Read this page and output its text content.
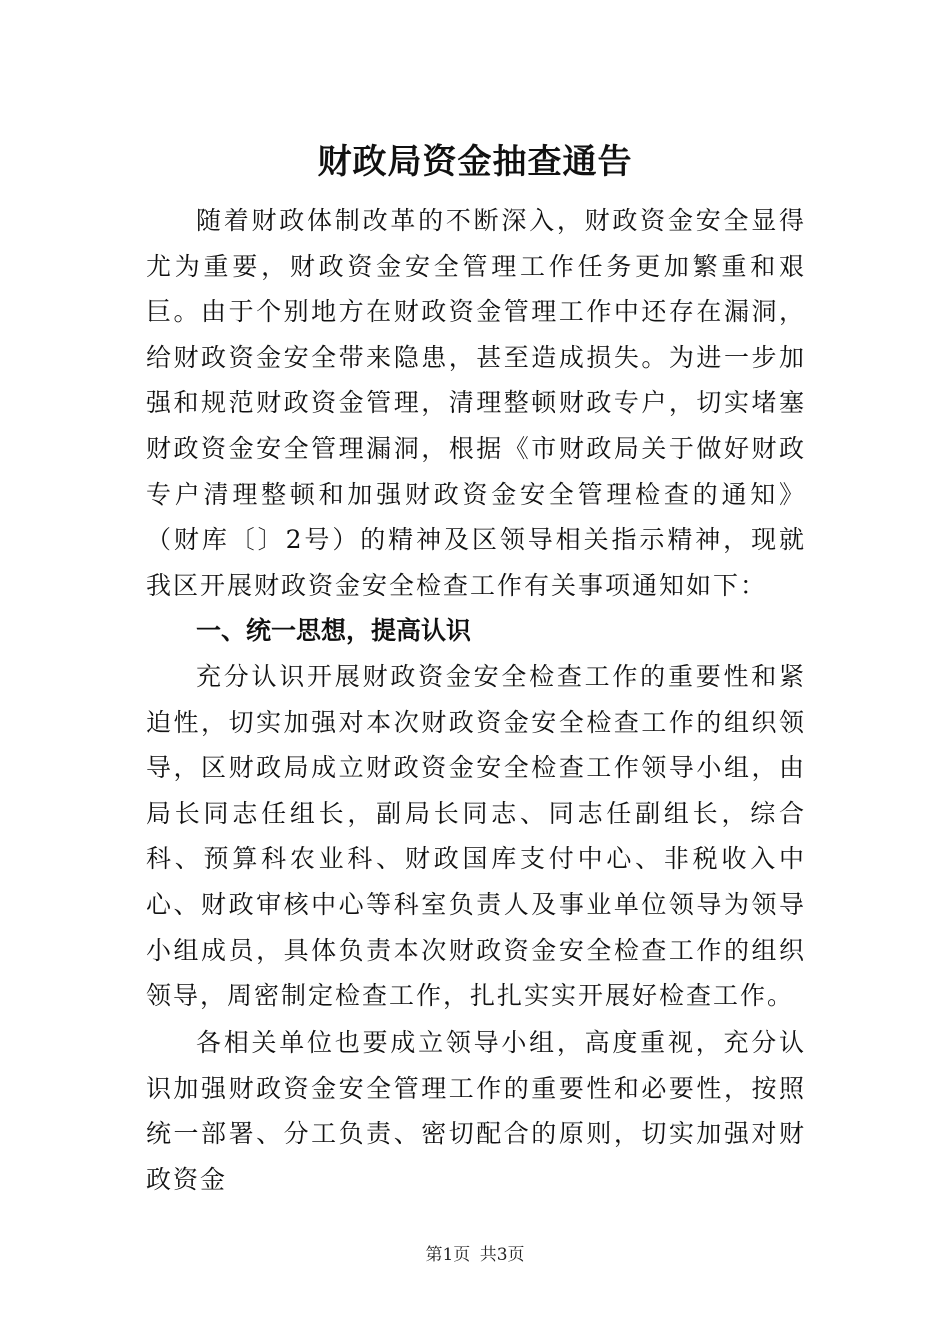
财政局资金抽查通告

随着财政体制改革的不断深入，财政资金安全显得尤为重要，财政资金安全管理工作任务更加繁重和艰巨。由于个别地方在财政资金管理工作中还存在漏洞，给财政资金安全带来隐患，甚至造成损失。为进一步加强和规范财政资金管理，清理整顿财政专户，切实堵塞财政资金安全管理漏洞，根据《市财政局关于做好财政专户清理整顿和加强财政资金安全管理检查的通知》（财库〔〕2号）的精神及区领导相关指示精神，现就我区开展财政资金安全检查工作有关事项通知如下：

一、统一思想，提高认识

充分认识开展财政资金安全检查工作的重要性和紧迫性，切实加强对本次财政资金安全检查工作的组织领导，区财政局成立财政资金安全检查工作领导小组，由局长同志任组长，副局长同志、同志任副组长，综合科、预算科农业科、财政国库支付中心、非税收入中心、财政审核中心等科室负责人及事业单位领导为领导小组成员，具体负责本次财政资金安全检查工作的组织领导，周密制定检查工作，扎扎实实开展好检查工作。

各相关单位也要成立领导小组，高度重视，充分认识加强财政资金安全管理工作的重要性和必要性，按照统一部署、分工负责、密切配合的原则，切实加强对财政资金

第1页 共3页
